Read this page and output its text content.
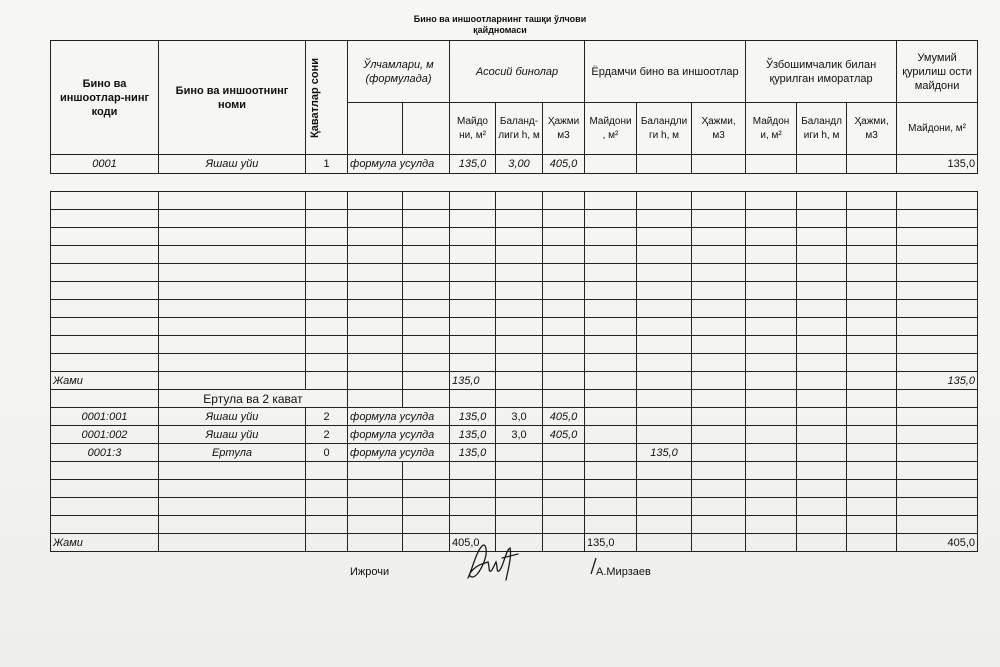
Бино ва иншоотларнинг ташқи ўлчови
қайдномаси
Бино ва иншоотлар-нинг коди	Бино ва иншоотнинг номи	Қаватлар сони	Ўлчамлари, м (формулада)		Асосий бинолар			Ёрдамчи бино ва иншоотлар			Ўзбошимчалик билан қурилган иморатлар			Умумий қурилиш ости майдони
					Майдо ни, м²	Баланд-лиги h, м	Ҳажми м3	Майдони , м²	Баландли ги h, м	Ҳажми, м3	Майдон и, м²	Баландл иги h, м	Ҳажми, м3	Майдони, м²
0001	Яшаш уйи	1	формула усулда		135,0	3,00	405,0							135,0

Жами					135,0									135,0	
	Ертула ва 2 кават														
0001:001	Яшаш уйи	2	формула усулда		135,0	3,0	405,0								
0001:002	Яшаш уйи	2	формула усулда		135,0	3,0	405,0								
0001:3	Ертула	0	формула усулда		135,0				135,0						

Жами					405,0			135,0						405,0	
Ижрочи	А.Мирзаев
